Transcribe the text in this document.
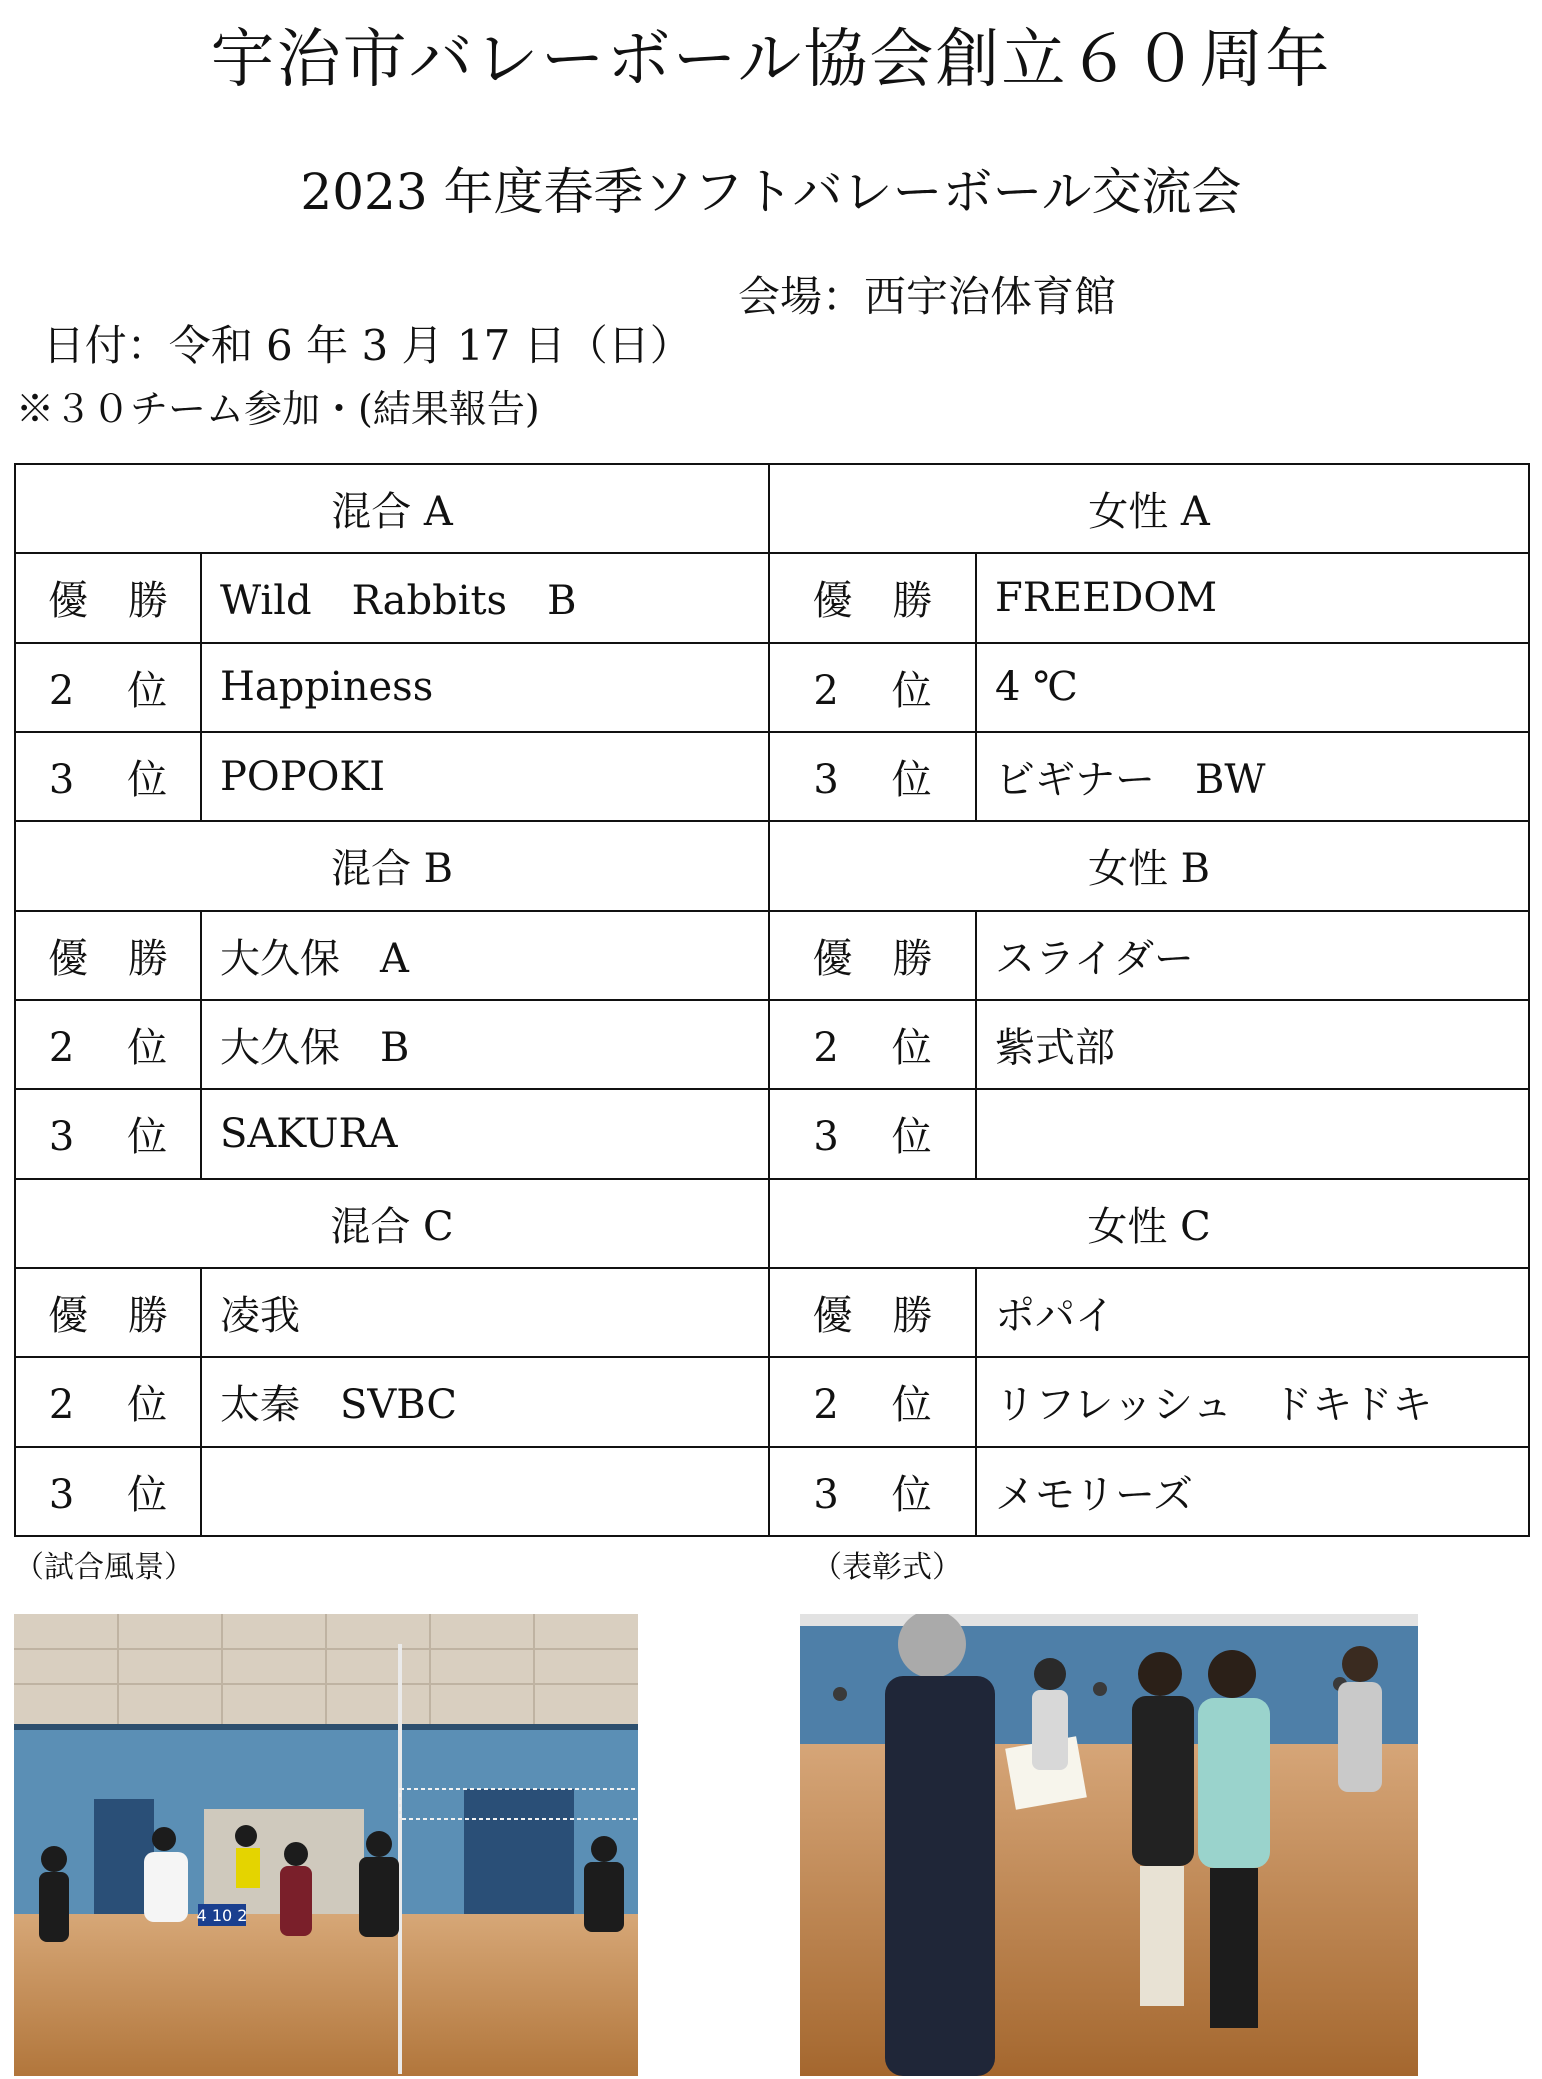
宇治市バレーボール協会創立６０周年
2023 年度春季ソフトバレーボール交流会

日付：令和 6 年 3 月 17 日（日）

会場：西宇治体育館

※３０チーム参加・(結果報告)
混合 A		女性 A	
優　勝	Wild　Rabbits　B	優　勝	FREEDOM
2　 位	Happiness	2　 位	4 ℃
3　 位	POPOKI	3　 位	ビギナー　BW
混合 B		女性 B	
優　勝	大久保　A	優　勝	スライダー
2　 位	大久保　B	2　 位	紫式部
3　 位	SAKURA	3　 位	
混合 C		女性 C	
優　勝	凌我	優　勝	ポパイ
2　 位	太秦　SVBC	2　 位	リフレッシュ　ドキドキ
3　 位		3　 位	メモリーズ
（試合風景）	（表彰式）
4 10 2
